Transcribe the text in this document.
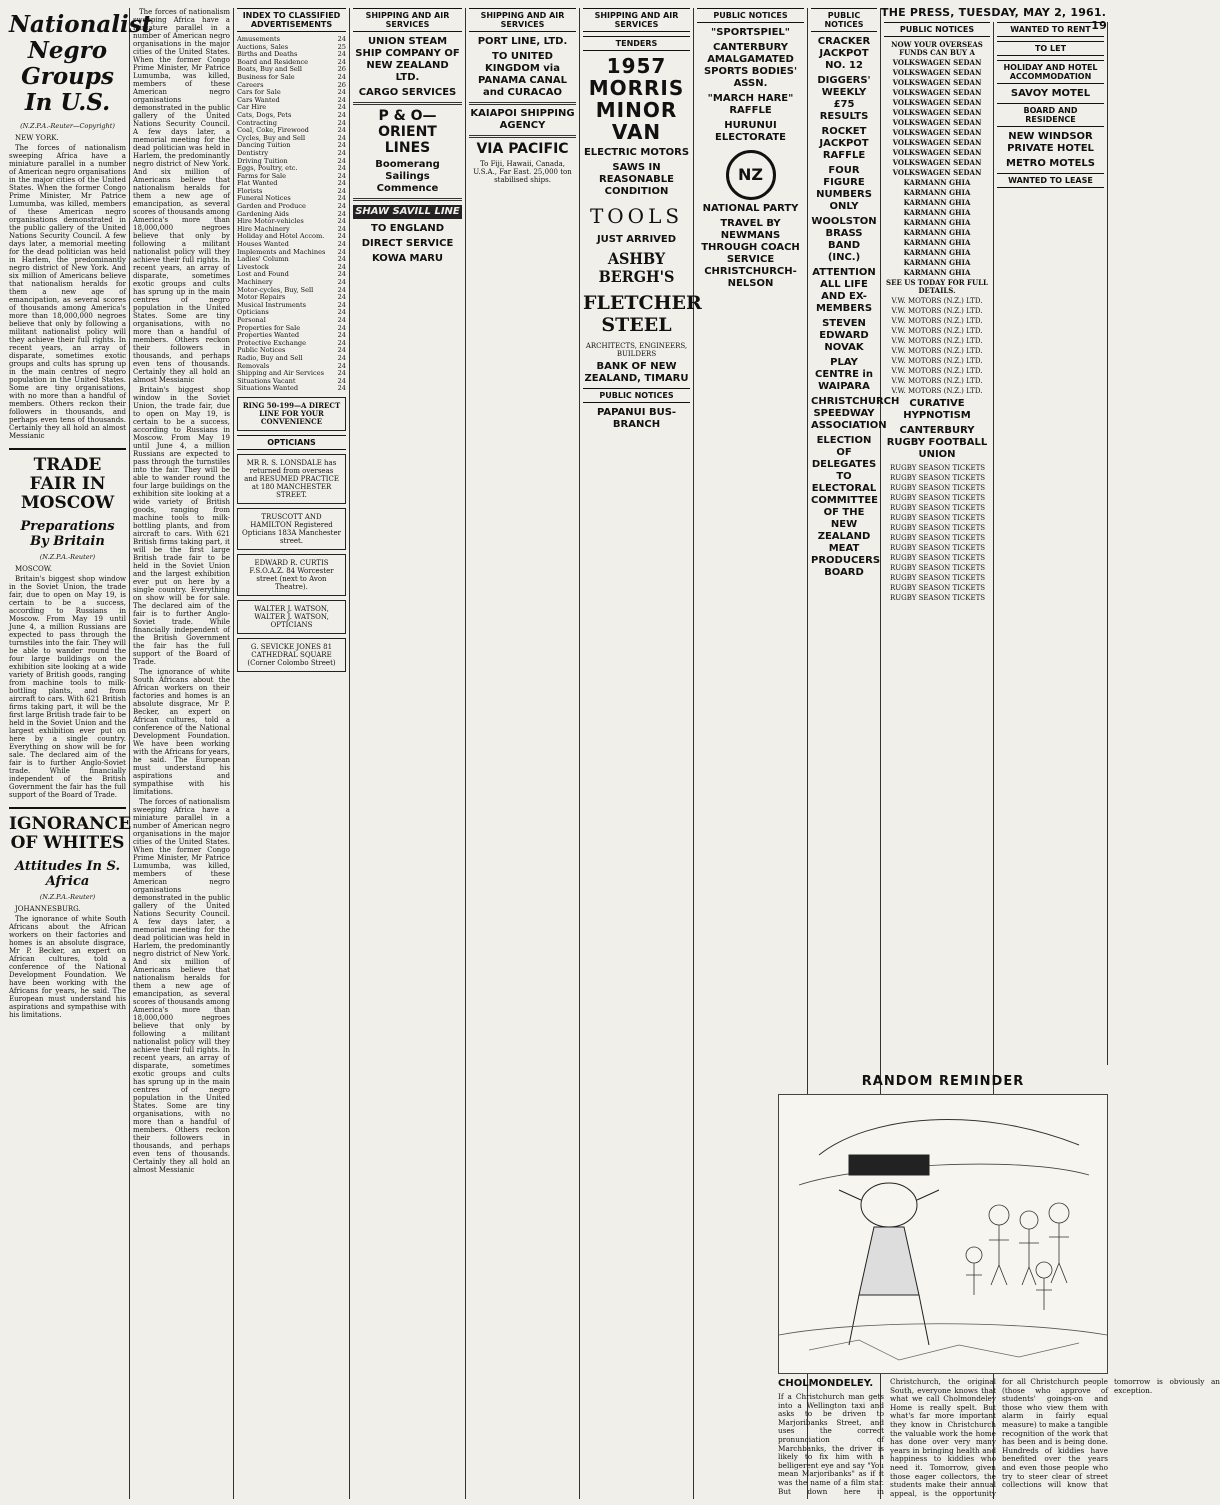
THE PRESS, TUESDAY, MAY 2, 1961.
19
Nationalist Negro Groups In U.S.
(N.Z.P.A.-Reuter—Copyright)
NEW YORK.
The forces of nationalism sweeping Africa have a miniature parallel in a number of American negro organisations in the major cities of the United States. When the former Congo Prime Minister, Mr Patrice Lumumba, was killed, members of these American negro organisations demonstrated in the public gallery of the United Nations Security Council. A few days later, a memorial meeting for the dead politician was held in Harlem, the predominantly negro district of New York. And six million of Americans believe that nationalism heralds for them a new age of emancipation, as several scores of thousands among America's more than 18,000,000 negroes believe that only by following a militant nationalist policy will they achieve their full rights. In recent years, an array of disparate, sometimes exotic groups and cults has sprung up in the main centres of negro population in the United States. Some are tiny organisations, with no more than a handful of members. Others reckon their followers in thousands, and perhaps even tens of thousands. Certainly they all hold an almost Messianic
TRADE FAIR IN MOSCOW
Preparations By Britain
(N.Z.P.A.-Reuter)
MOSCOW.
Britain's biggest shop window in the Soviet Union, the trade fair, due to open on May 19, is certain to be a success, according to Russians in Moscow. From May 19 until June 4, a million Russians are expected to pass through the turnstiles into the fair. They will be able to wander round the four large buildings on the exhibition site looking at a wide variety of British goods, ranging from machine tools to milk-bottling plants, and from aircraft to cars. With 621 British firms taking part, it will be the first large British trade fair to be held in the Soviet Union and the largest exhibition ever put on here by a single country. Everything on show will be for sale. The declared aim of the fair is to further Anglo-Soviet trade. While financially independent of the British Government the fair has the full support of the Board of Trade.
IGNORANCE OF WHITES
Attitudes In S. Africa
(N.Z.P.A.-Reuter)
JOHANNESBURG.
The ignorance of white South Africans about the African workers on their factories and homes is an absolute disgrace, Mr P. Becker, an expert on African cultures, told a conference of the National Development Foundation. We have been working with the Africans for years, he said. The European must understand his aspirations and sympathise with his limitations.
The forces of nationalism sweeping Africa have a miniature parallel in a number of American negro organisations in the major cities of the United States. When the former Congo Prime Minister, Mr Patrice Lumumba, was killed, members of these American negro organisations demonstrated in the public gallery of the United Nations Security Council. A few days later, a memorial meeting for the dead politician was held in Harlem, the predominantly negro district of New York. And six million of Americans believe that nationalism heralds for them a new age of emancipation, as several scores of thousands among America's more than 18,000,000 negroes believe that only by following a militant nationalist policy will they achieve their full rights. In recent years, an array of disparate, sometimes exotic groups and cults has sprung up in the main centres of negro population in the United States. Some are tiny organisations, with no more than a handful of members. Others reckon their followers in thousands, and perhaps even tens of thousands. Certainly they all hold an almost Messianic
Britain's biggest shop window in the Soviet Union, the trade fair, due to open on May 19, is certain to be a success, according to Russians in Moscow. From May 19 until June 4, a million Russians are expected to pass through the turnstiles into the fair. They will be able to wander round the four large buildings on the exhibition site looking at a wide variety of British goods, ranging from machine tools to milk-bottling plants, and from aircraft to cars. With 621 British firms taking part, it will be the first large British trade fair to be held in the Soviet Union and the largest exhibition ever put on here by a single country. Everything on show will be for sale. The declared aim of the fair is to further Anglo-Soviet trade. While financially independent of the British Government the fair has the full support of the Board of Trade.
The ignorance of white South Africans about the African workers on their factories and homes is an absolute disgrace, Mr P. Becker, an expert on African cultures, told a conference of the National Development Foundation. We have been working with the Africans for years, he said. The European must understand his aspirations and sympathise with his limitations.
The forces of nationalism sweeping Africa have a miniature parallel in a number of American negro organisations in the major cities of the United States. When the former Congo Prime Minister, Mr Patrice Lumumba, was killed, members of these American negro organisations demonstrated in the public gallery of the United Nations Security Council. A few days later, a memorial meeting for the dead politician was held in Harlem, the predominantly negro district of New York. And six million of Americans believe that nationalism heralds for them a new age of emancipation, as several scores of thousands among America's more than 18,000,000 negroes believe that only by following a militant nationalist policy will they achieve their full rights. In recent years, an array of disparate, sometimes exotic groups and cults has sprung up in the main centres of negro population in the United States. Some are tiny organisations, with no more than a handful of members. Others reckon their followers in thousands, and perhaps even tens of thousands. Certainly they all hold an almost Messianic
INDEX TO CLASSIFIED ADVERTISEMENTS
Amusements	24
Auctions, Sales	25
Births and Deaths	24
Board and Residence	24
Boats, Buy and Sell	26
Business for Sale	24
Careers	26
Cars for Sale	24
Cars Wanted	24
Car Hire	24
Cats, Dogs, Pets	24
Contracting	24
Coal, Coke, Firewood	24
Cycles, Buy and Sell	24
Dancing Tuition	24
Dentistry	24
Driving Tuition	24
Eggs, Poultry, etc.	24
Farms for Sale	24
Flat Wanted	24
Florists	24
Funeral Notices	24
Garden and Produce	24
Gardening Aids	24
Hire Motor-vehicles	24
Hire Machinery	24
Holiday and Hotel Accom. 24
Houses Wanted	24
Implements and Machines 24
Ladies' Column	24
Livestock	24
Lost and Found	24
Machinery	24
Motor-cycles, Buy, Sell	24
Motor Repairs	24
Musical Instruments	24
Opticians	24
Personal	24
Properties for Sale	24
Properties Wanted	24
Protective Exchange	24
Public Notices	24
Radio, Buy and Sell	24
Removals	24
Shipping and Air Services 24
Situations Vacant	24
Situations Wanted	24
RING 50-199—A DIRECT LINE FOR YOUR CONVENIENCE
OPTICIANS
MR R. S. LONSDALE has returned from overseas and RESUMED PRACTICE at 180 MANCHESTER STREET.
TRUSCOTT AND HAMILTON Registered Opticians 183A Manchester street.
EDWARD R. CURTIS F.S.O.A.Z. 84 Worcester street (next to Avon Theatre).
WALTER J. WATSON, WALTER J. WATSON, OPTICIANS
G. SEVICKE JONES 81 CATHEDRAL SQUARE (Corner Colombo Street)
SHIPPING AND AIR SERVICES
UNION STEAM SHIP COMPANY OF NEW ZEALAND LTD.
CARGO SERVICES
P & O—ORIENT LINES
Boomerang Sailings Commence
SHAW SAVILL LINE
TO ENGLAND
DIRECT SERVICE
KOWA MARU
SHIPPING AND AIR SERVICES
PORT LINE, LTD.
TO UNITED KINGDOM via PANAMA CANAL and CURACAO
KAIAPOI SHIPPING AGENCY
VIA PACIFIC
To Fiji, Hawaii, Canada, U.S.A., Far East. 25,000 ton stabilised ships.
SHIPPING AND AIR SERVICES
TENDERS
1957 MORRIS MINOR VAN
ELECTRIC MOTORS
SAWS IN REASONABLE CONDITION
TOOLS
JUST ARRIVED
ASHBY BERGH'S
FLETCHER STEEL
ARCHITECTS, ENGINEERS, BUILDERS
BANK OF NEW ZEALAND, TIMARU
PUBLIC NOTICES
PAPANUI BUS-BRANCH
PUBLIC NOTICES
"SPORTSPIEL"
CANTERBURY AMALGAMATED SPORTS BODIES' ASSN.
"MARCH HARE" RAFFLE
HURUNUI ELECTORATE
NZ
NATIONAL PARTY
TRAVEL BY NEWMANS THROUGH COACH SERVICE CHRISTCHURCH-NELSON
PUBLIC NOTICES
CRACKER JACKPOT NO. 12
DIGGERS' WEEKLY £75 RESULTS
ROCKET JACKPOT RAFFLE
FOUR FIGURE NUMBERS ONLY
WOOLSTON BRASS BAND (INC.)
ATTENTION ALL LIFE AND EX-MEMBERS
STEVEN EDWARD NOVAK
PLAY CENTRE in WAIPARA
CHRISTCHURCH SPEEDWAY ASSOCIATION
ELECTION OF DELEGATES TO ELECTORAL COMMITTEE OF THE NEW ZEALAND MEAT PRODUCERS BOARD
PUBLIC NOTICES
NOW YOUR OVERSEAS FUNDS CAN BUY A
VOLKSWAGEN SEDAN
VOLKSWAGEN SEDAN
VOLKSWAGEN SEDAN
VOLKSWAGEN SEDAN
VOLKSWAGEN SEDAN
VOLKSWAGEN SEDAN
VOLKSWAGEN SEDAN
VOLKSWAGEN SEDAN
VOLKSWAGEN SEDAN
VOLKSWAGEN SEDAN
VOLKSWAGEN SEDAN
VOLKSWAGEN SEDAN
KARMANN GHIA
KARMANN GHIA
KARMANN GHIA
KARMANN GHIA
KARMANN GHIA
KARMANN GHIA
KARMANN GHIA
KARMANN GHIA
KARMANN GHIA
KARMANN GHIA
SEE US TODAY FOR FULL DETAILS.
V.W. MOTORS (N.Z.) LTD.
V.W. MOTORS (N.Z.) LTD.
V.W. MOTORS (N.Z.) LTD.
V.W. MOTORS (N.Z.) LTD.
V.W. MOTORS (N.Z.) LTD.
V.W. MOTORS (N.Z.) LTD.
V.W. MOTORS (N.Z.) LTD.
V.W. MOTORS (N.Z.) LTD.
V.W. MOTORS (N.Z.) LTD.
V.W. MOTORS (N.Z.) LTD.
CURATIVE HYPNOTISM
CANTERBURY RUGBY FOOTBALL UNION
RUGBY SEASON TICKETS
RUGBY SEASON TICKETS
RUGBY SEASON TICKETS
RUGBY SEASON TICKETS
RUGBY SEASON TICKETS
RUGBY SEASON TICKETS
RUGBY SEASON TICKETS
RUGBY SEASON TICKETS
RUGBY SEASON TICKETS
RUGBY SEASON TICKETS
RUGBY SEASON TICKETS
RUGBY SEASON TICKETS
RUGBY SEASON TICKETS
RUGBY SEASON TICKETS
WANTED TO RENT
TO LET
HOLIDAY AND HOTEL ACCOMMODATION
SAVOY MOTEL
BOARD AND RESIDENCE
NEW WINDSOR PRIVATE HOTEL
METRO MOTELS
WANTED TO LEASE
RANDOM REMINDER
CHOLMONDELEY.
If a Christchurch man gets into a Wellington taxi and asks to be driven to Marjoribanks Street, and uses the correct pronunciation of Marchbanks, the driver is likely to fix him with a belligerent eye and say "You mean Marjoribanks" as if it was the name of a film star. But down here in Christchurch, the original South, everyone knows that what we call Cholmondeley Home is really spelt. But what's far more important they know in Christchurch the valuable work the home has done over very many years in bringing health and happiness to kiddies who need it. Tomorrow, given those eager collectors, the students make their annual appeal, is the opportunity for all Christchurch people (those who approve of students' goings-on and those who view them with alarm in fairly equal measure) to make a tangible recognition of the work that has been and is being done. Hundreds of kiddies have benefited over the years and even those people who try to steer clear of street collections will know that tomorrow is obviously an exception.
